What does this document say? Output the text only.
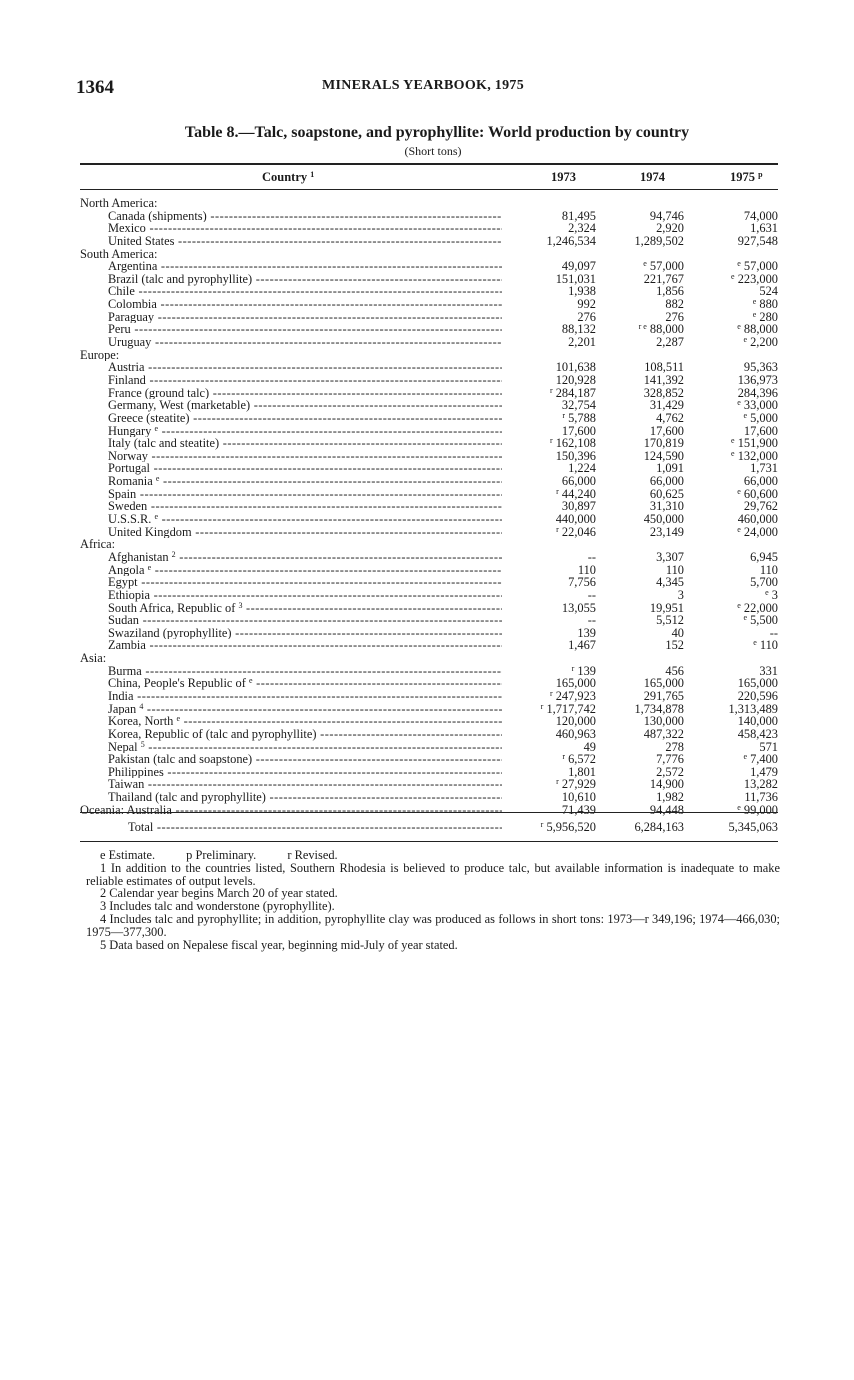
1364	MINERALS YEARBOOK, 1975
Table 8.—Talc, soapstone, and pyrophyllite: World production by country
(Short tons)
Country $^1$	1973	1974	1975 $^p$
North America:
Canada (shipments) -----	81,495	94,746	74,000
Mexico -----	2,324	2,920	1,631
United States -----	1,246,534	1,289,502	927,548
South America:
Argentina -----	49,097	$^e$ 57,000	$^e$ 57,000
Brazil (talc and pyrophyllite) -----	151,031	221,767	$^e$ 223,000
Chile -----	1,938	1,856	524
Colombia -----	992	882	$^e$ 880
Paraguay -----	276	276	$^e$ 280
Peru -----	88,132	$^{r e}$ 88,000	$^e$ 88,000
Uruguay -----	2,201	2,287	$^e$ 2,200
Europe:
Austria -----	101,638	108,511	95,363
Finland -----	120,928	141,392	136,973
France (ground talc) -----	$^r$ 284,187	328,852	284,396
Germany, West (marketable) -----	32,754	31,429	$^e$ 33,000
Greece (steatite) -----	$^r$ 5,788	4,762	$^e$ 5,000
Hungary $^e$ -----	17,600	17,600	17,600
Italy (talc and steatite) -----	$^r$ 162,108	170,819	$^e$ 151,900
Norway -----	150,396	124,590	$^e$ 132,000
Portugal -----	1,224	1,091	1,731
Romania $^e$ -----	66,000	66,000	66,000
Spain -----	$^r$ 44,240	60,625	$^e$ 60,600
Sweden -----	30,897	31,310	29,762
U.S.S.R. $^e$ -----	440,000	450,000	460,000
United Kingdom -----	$^r$ 22,046	23,149	$^e$ 24,000
Africa:
Afghanistan $^2$ -----	--	3,307	6,945
Angola $^e$ -----	110	110	110
Egypt -----	7,756	4,345	5,700
Ethiopia -----	--	3	$^e$ 3
South Africa, Republic of $^3$ -----	13,055	19,951	$^e$ 22,000
Sudan -----	--	5,512	$^e$ 5,500
Swaziland (pyrophyllite) -----	139	40	--
Zambia -----	1,467	152	$^e$ 110
Asia:
Burma -----	$^r$ 139	456	331
China, People's Republic of $^e$ -----	165,000	165,000	165,000
India -----	$^r$ 247,923	291,765	220,596
Japan $^4$ -----	$^r$ 1,717,742	1,734,878	1,313,489
Korea, North $^e$ -----	120,000	130,000	140,000
Korea, Republic of (talc and pyrophyllite) -----	460,963	487,322	458,423
Nepal $^5$ -----	49	278	571
Pakistan (talc and soapstone) -----	$^r$ 6,572	7,776	$^e$ 7,400
Philippines -----	1,801	2,572	1,479
Taiwan -----	$^r$ 27,929	14,900	13,282
Thailand (talc and pyrophyllite) -----	10,610	1,982	11,736
Oceania: Australia -----	71,439	94,448	$^e$ 99,000
Total -----	$^r$ 5,956,520	6,284,163	5,345,063

e Estimate.	p Preliminary.	r Revised.

1 In addition to the countries listed, Southern Rhodesia is believed to produce talc, but available information is inadequate to make reliable estimates of output levels.

2 Calendar year begins March 20 of year stated.

3 Includes talc and wonderstone (pyrophyllite).

4 Includes talc and pyrophyllite; in addition, pyrophyllite clay was produced as follows in short tons: 1973—r 349,196; 1974—466,030; 1975—377,300.

5 Data based on Nepalese fiscal year, beginning mid-July of year stated.
